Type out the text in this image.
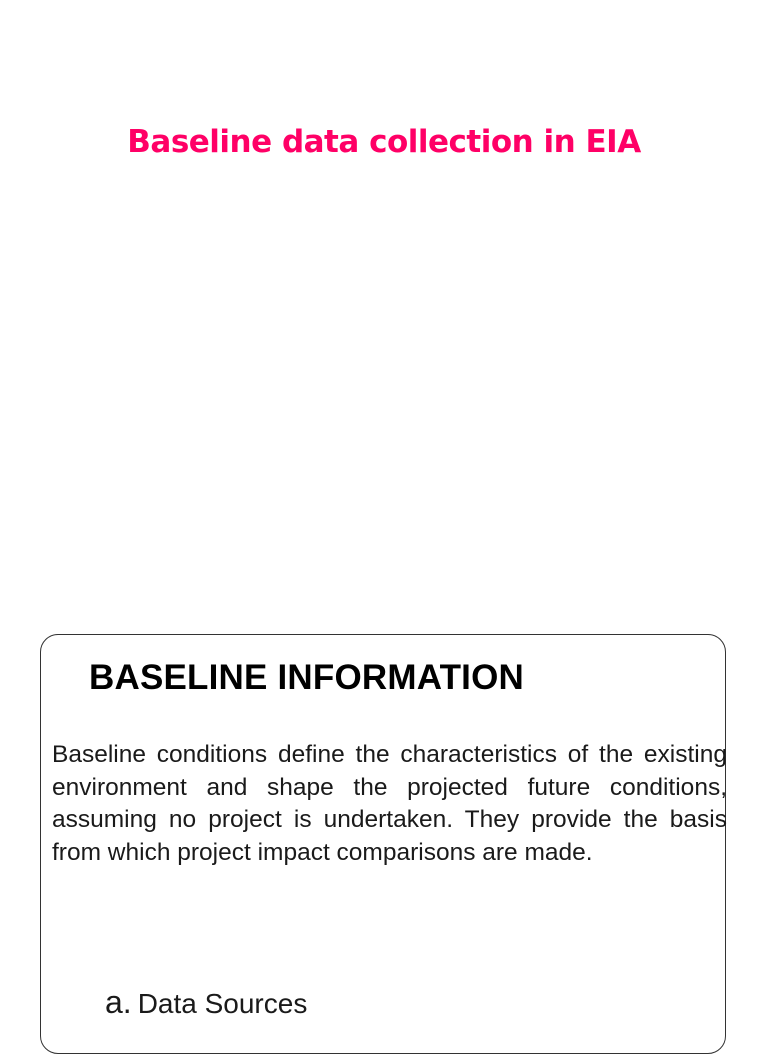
Baseline data collection in EIA
BASELINE INFORMATION

Baseline conditions define the characteristics of the existing environment and shape the projected future conditions, assuming no project is undertaken. They provide the basis from which project impact comparisons are made.

a. Data Sources
